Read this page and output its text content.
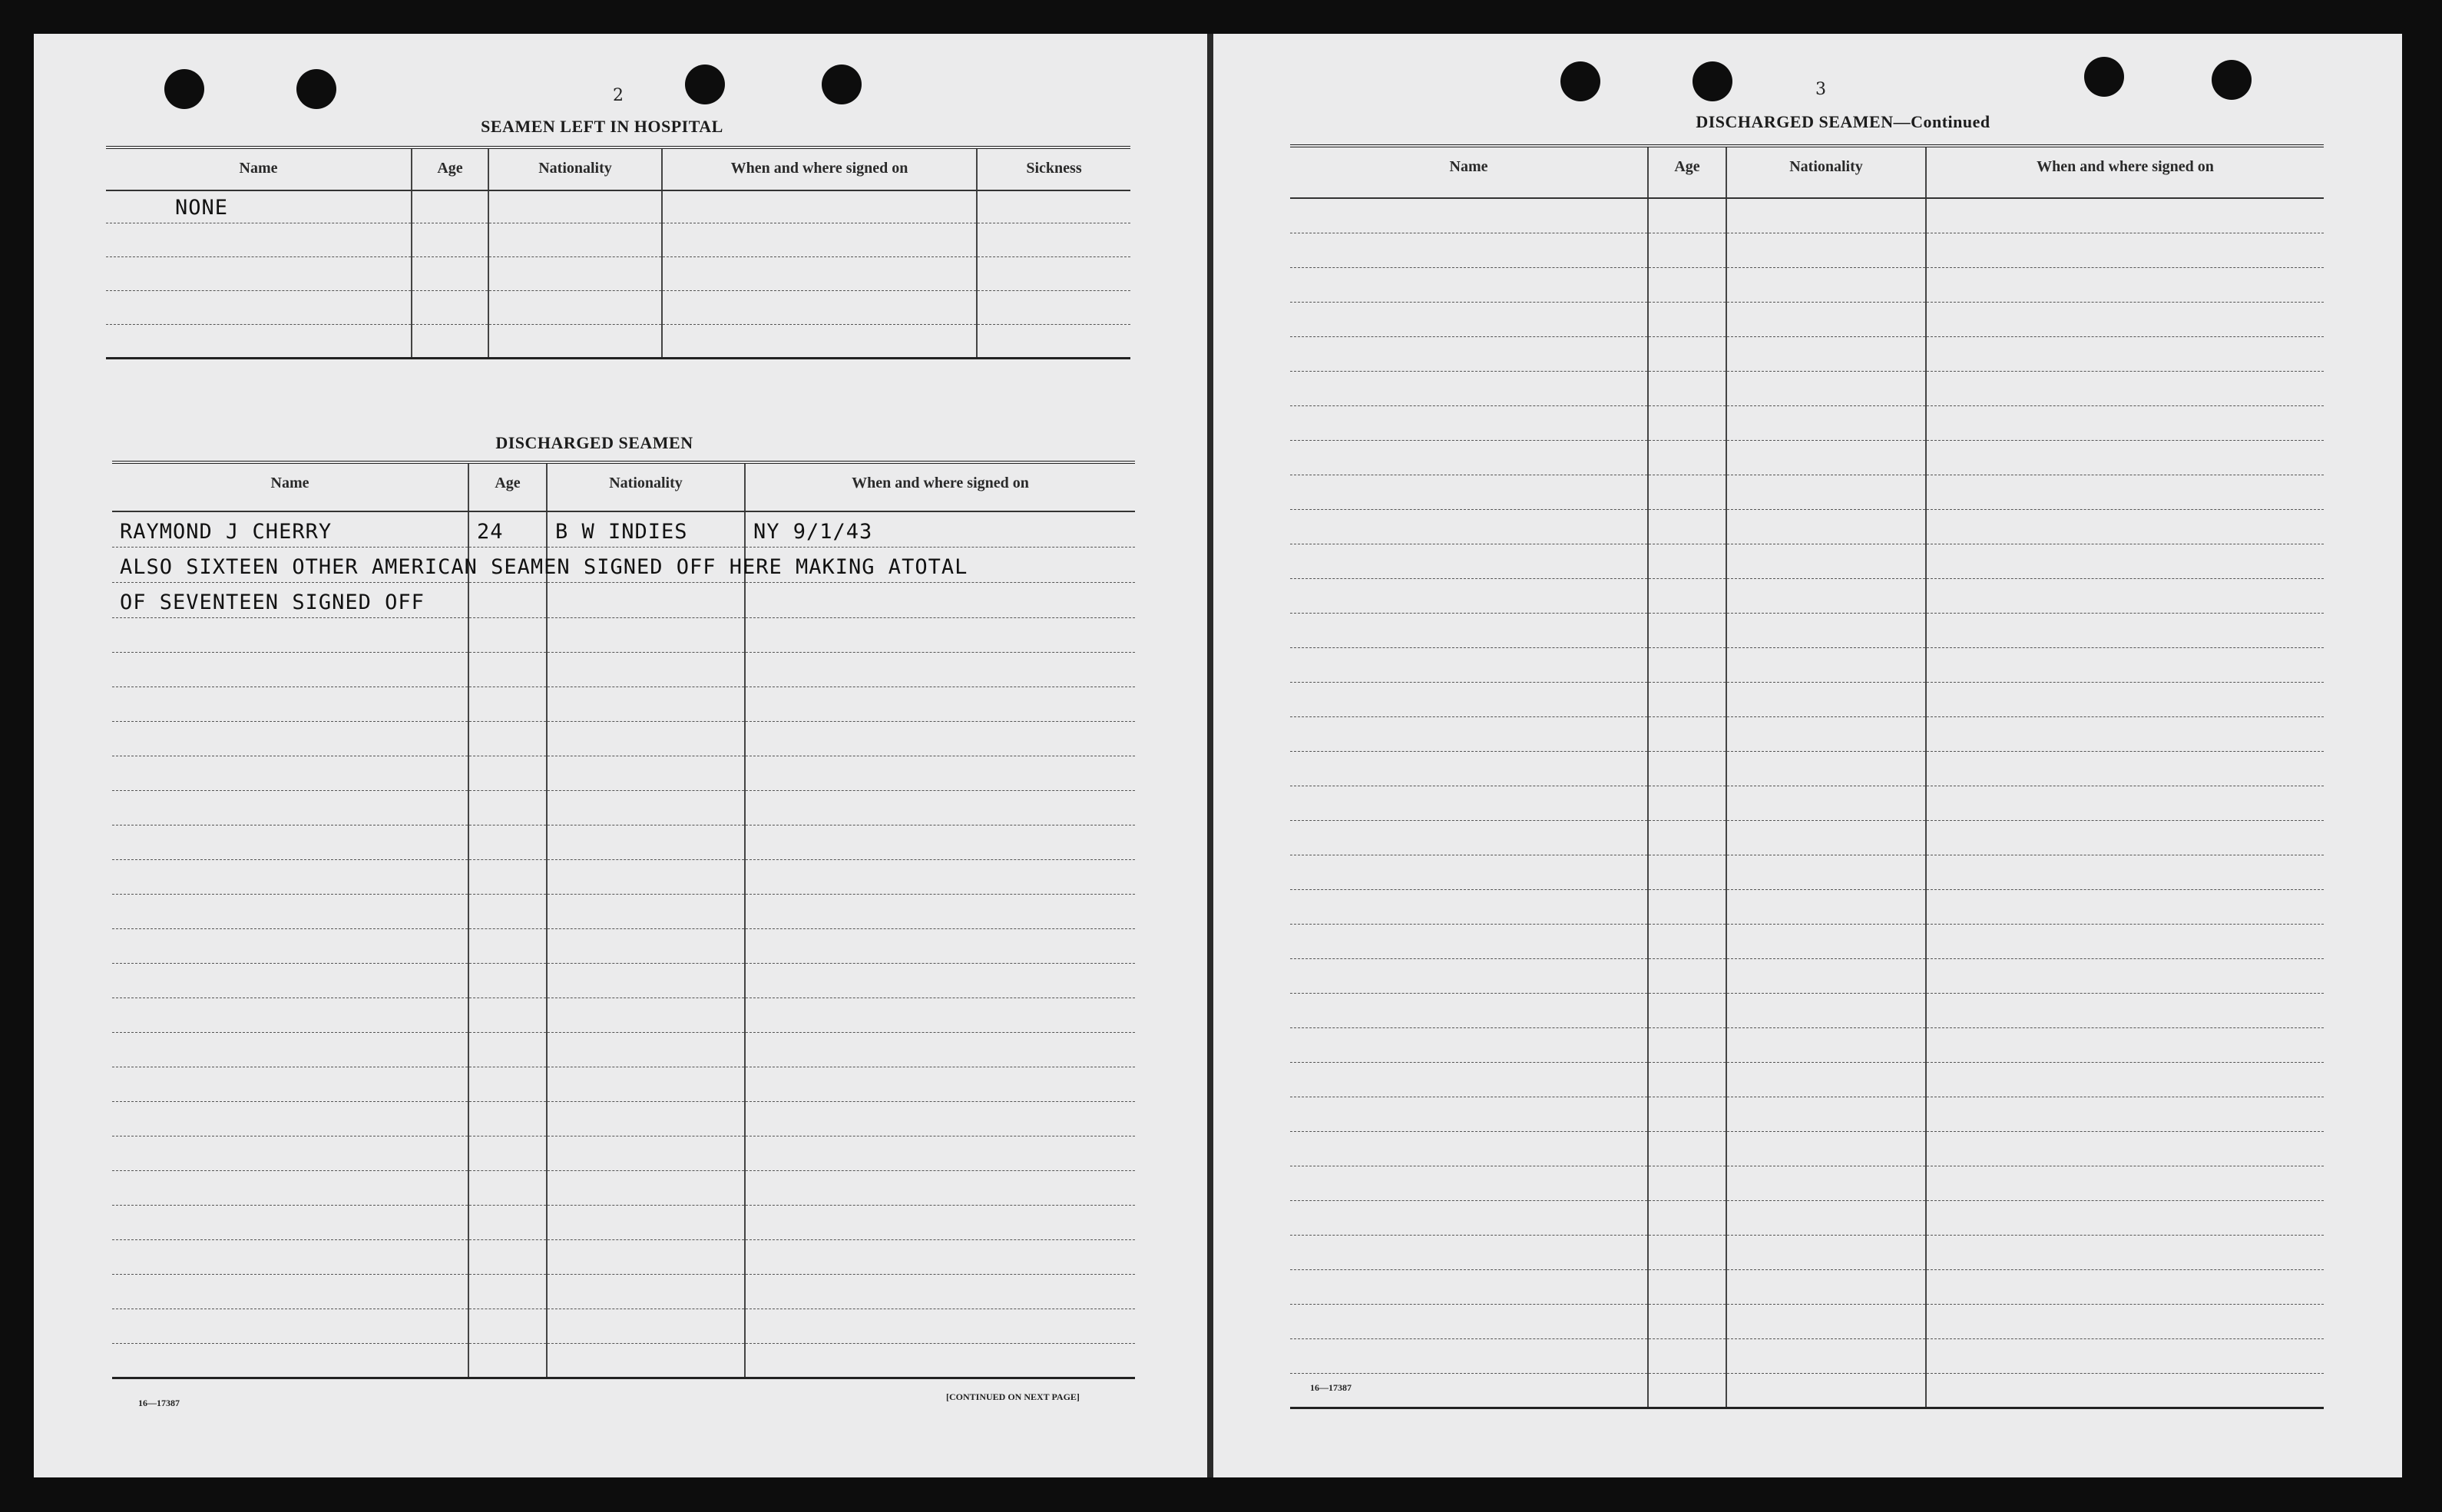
2
SEAMEN LEFT IN HOSPITAL
Name	Age	Nationality	When and where signed on	Sickness
NONE				

DISCHARGED SEAMEN
Name	Age	Nationality	When and where signed on
RAYMOND J CHERRY	24	B W INDIES	NY 9/1/43
ALSO SIXTEEN OTHER AMERICAN SEAMEN SIGNED OFF HERE MAKING ATOTAL			
OF SEVENTEEN SIGNED OFF			

16—17387
[CONTINUED ON NEXT PAGE]
3
DISCHARGED SEAMEN—Continued
Name	Age	Nationality	When and where signed on

16—17387
